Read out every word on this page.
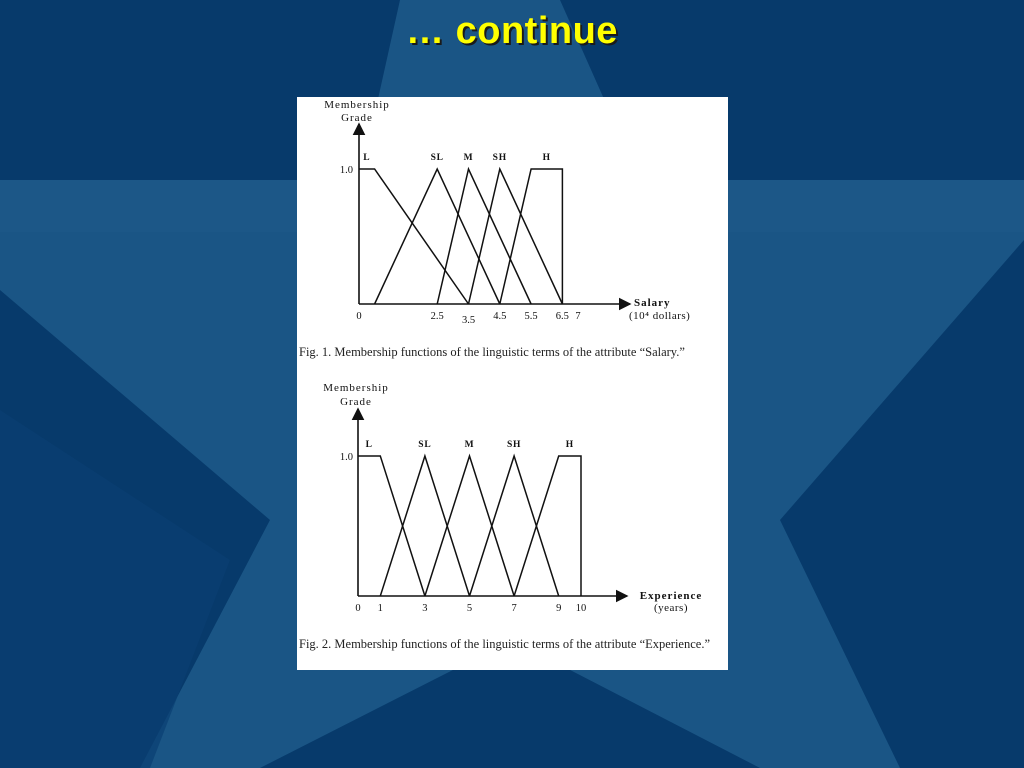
… continue
Membership
Grade
Salary
(10⁴ dollars)
1.0
0	2.5 3.5 4.5 5.5 6.5 7
L	SL M SH	H
Membership
Grade
Experience
(years)
1.0
0 1	3	5	7	9 10
L	SL	M	SH	H
Fig. 1. Membership functions of the linguistic terms of the attribute “Salary.”
Fig. 2. Membership functions of the linguistic terms of the attribute “Experience.”
